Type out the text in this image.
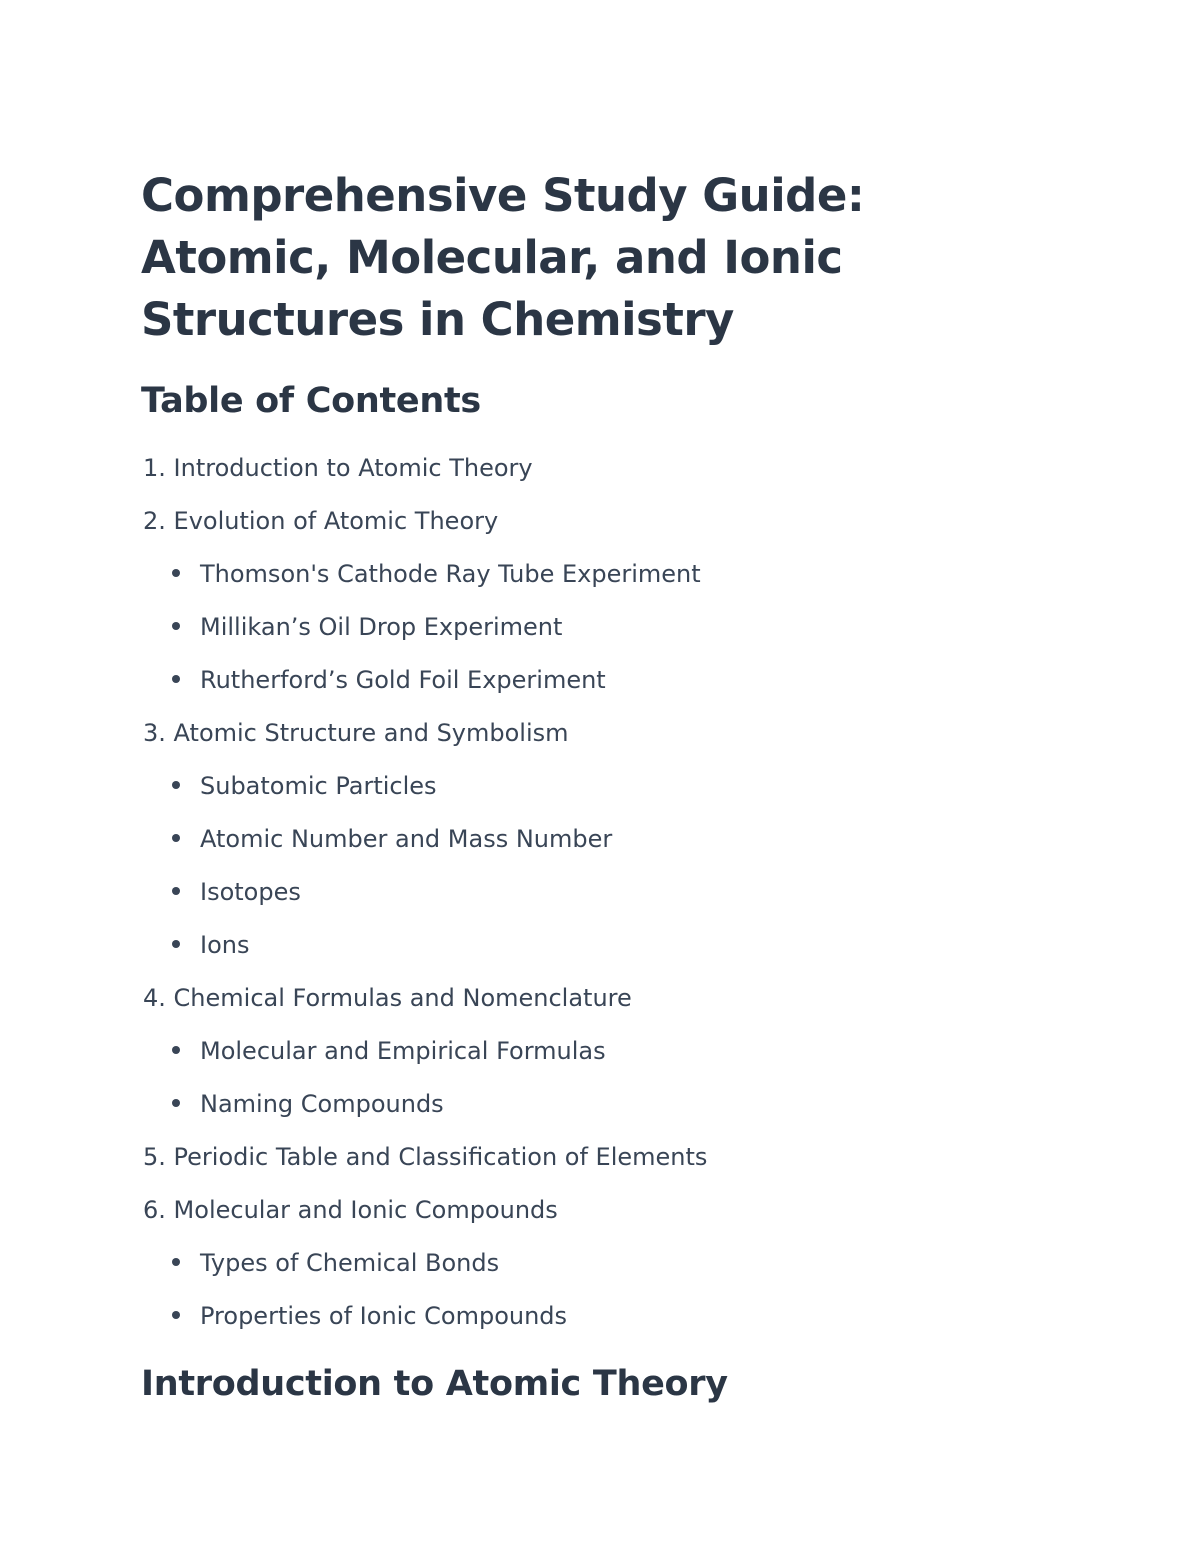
Comprehensive Study Guide: Atomic, Molecular, and Ionic Structures in Chemistry
Table of Contents
1. Introduction to Atomic Theory
2. Evolution of Atomic Theory
Thomson's Cathode Ray Tube Experiment
Millikan’s Oil Drop Experiment
Rutherford’s Gold Foil Experiment
3. Atomic Structure and Symbolism
Subatomic Particles
Atomic Number and Mass Number
Isotopes
Ions
4. Chemical Formulas and Nomenclature
Molecular and Empirical Formulas
Naming Compounds
5. Periodic Table and Classification of Elements
6. Molecular and Ionic Compounds
Types of Chemical Bonds
Properties of Ionic Compounds
Introduction to Atomic Theory
